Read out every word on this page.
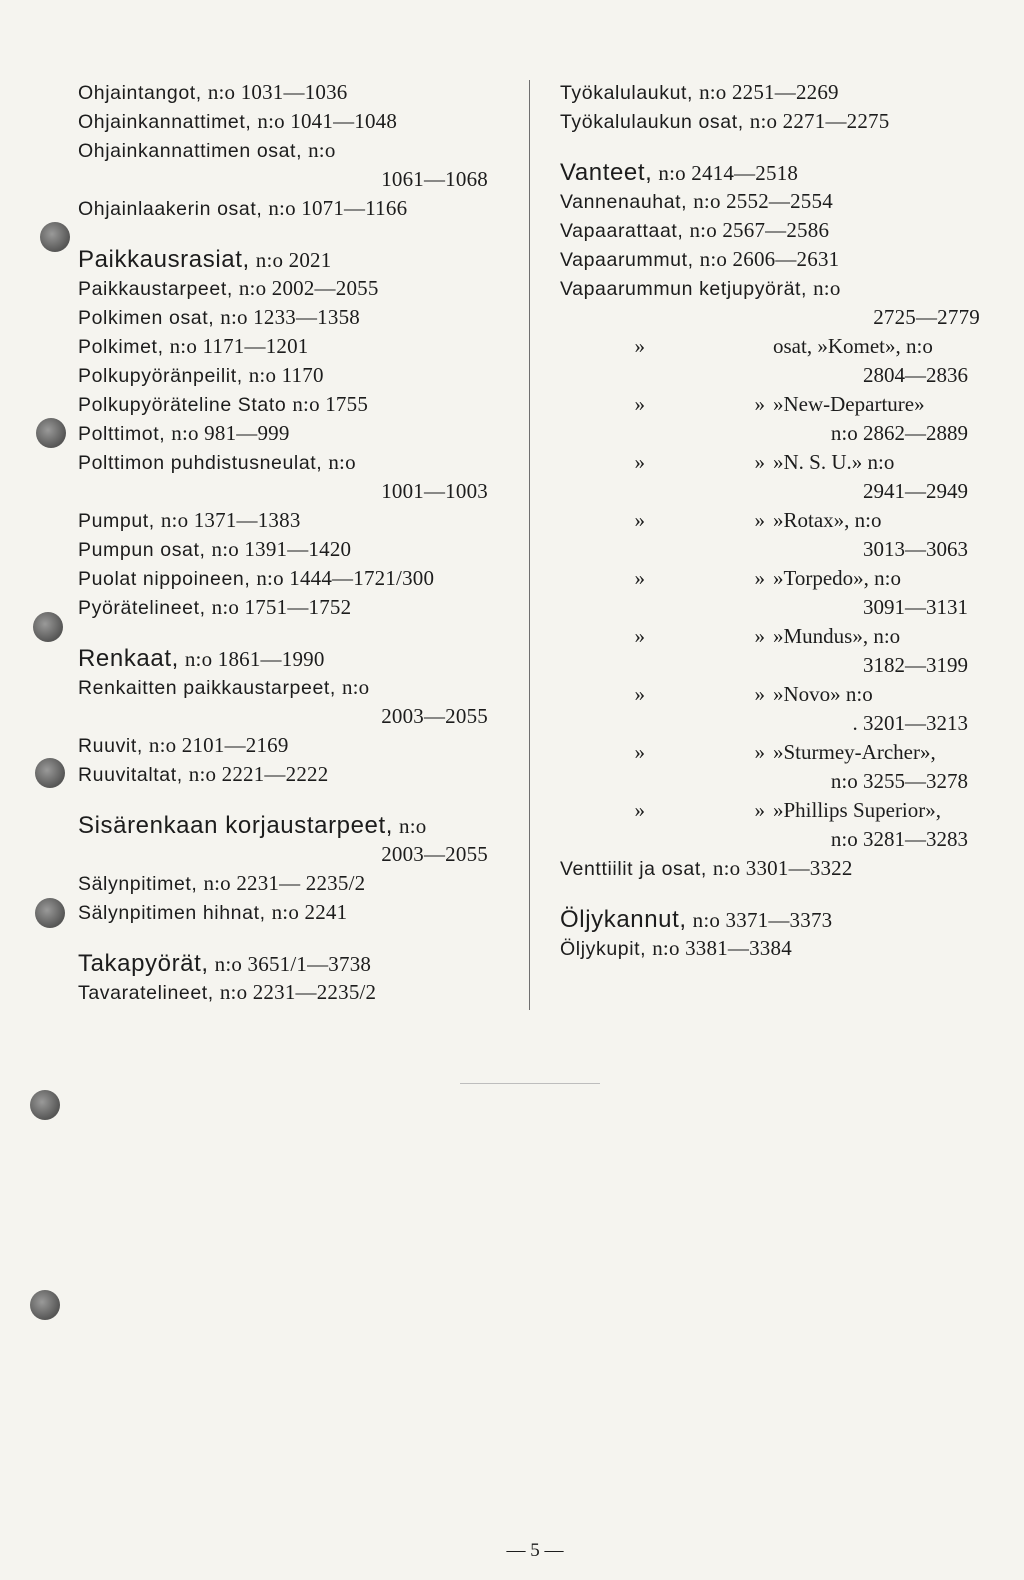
Ohjaintangot, n:o 1031—1036
Ohjainkannattimet, n:o 1041—1048
Ohjainkannattimen osat, n:o
1061—1068
Ohjainlaakerin osat, n:o 1071—1166
Paikkausrasiat, n:o 2021
Paikkaustarpeet, n:o 2002—2055
Polkimen osat, n:o 1233—1358
Polkimet, n:o 1171—1201
Polkupyöränpeilit, n:o 1170
Polkupyöräteline Stato n:o 1755
Polttimot, n:o 981—999
Polttimon puhdistusneulat, n:o
1001—1003
Pumput, n:o 1371—1383
Pumpun osat, n:o 1391—1420
Puolat nippoineen, n:o 1444—1721/300
Pyörätelineet, n:o 1751—1752
Renkaat, n:o 1861—1990
Renkaitten paikkaustarpeet, n:o
2003—2055
Ruuvit, n:o 2101—2169
Ruuvitaltat, n:o 2221—2222
Sisärenkaan korjaustarpeet, n:o
2003—2055
Sälynpitimet, n:o 2231— 2235/2
Sälynpitimen hihnat, n:o 2241
Takapyörät, n:o 3651/1—3738
Tavaratelineet, n:o 2231—2235/2
Työkalulaukut, n:o 2251—2269
Työkalulaukun osat, n:o 2271—2275
Vanteet, n:o 2414—2518
Vannenauhat, n:o 2552—2554
Vapaarattaat, n:o 2567—2586
Vapaarummut, n:o 2606—2631
Vapaarummun ketjupyörät, n:o
2725—2779
»	osat, »Komet», n:o
2804—2836
»	» »New-Departure»
n:o 2862—2889
»	» »N. S. U.» n:o
2941—2949
»	» »Rotax», n:o
3013—3063
»	» »Torpedo», n:o
3091—3131
»	» »Mundus», n:o
3182—3199
»	» »Novo» n:o
. 3201—3213
»	» »Sturmey-Archer»,
n:o 3255—3278
»	» »Phillips Superior»,
n:o 3281—3283
Venttiilit ja osat, n:o 3301—3322
Öljykannut, n:o 3371—3373
Öljykupit, n:o 3381—3384
— 5 —
